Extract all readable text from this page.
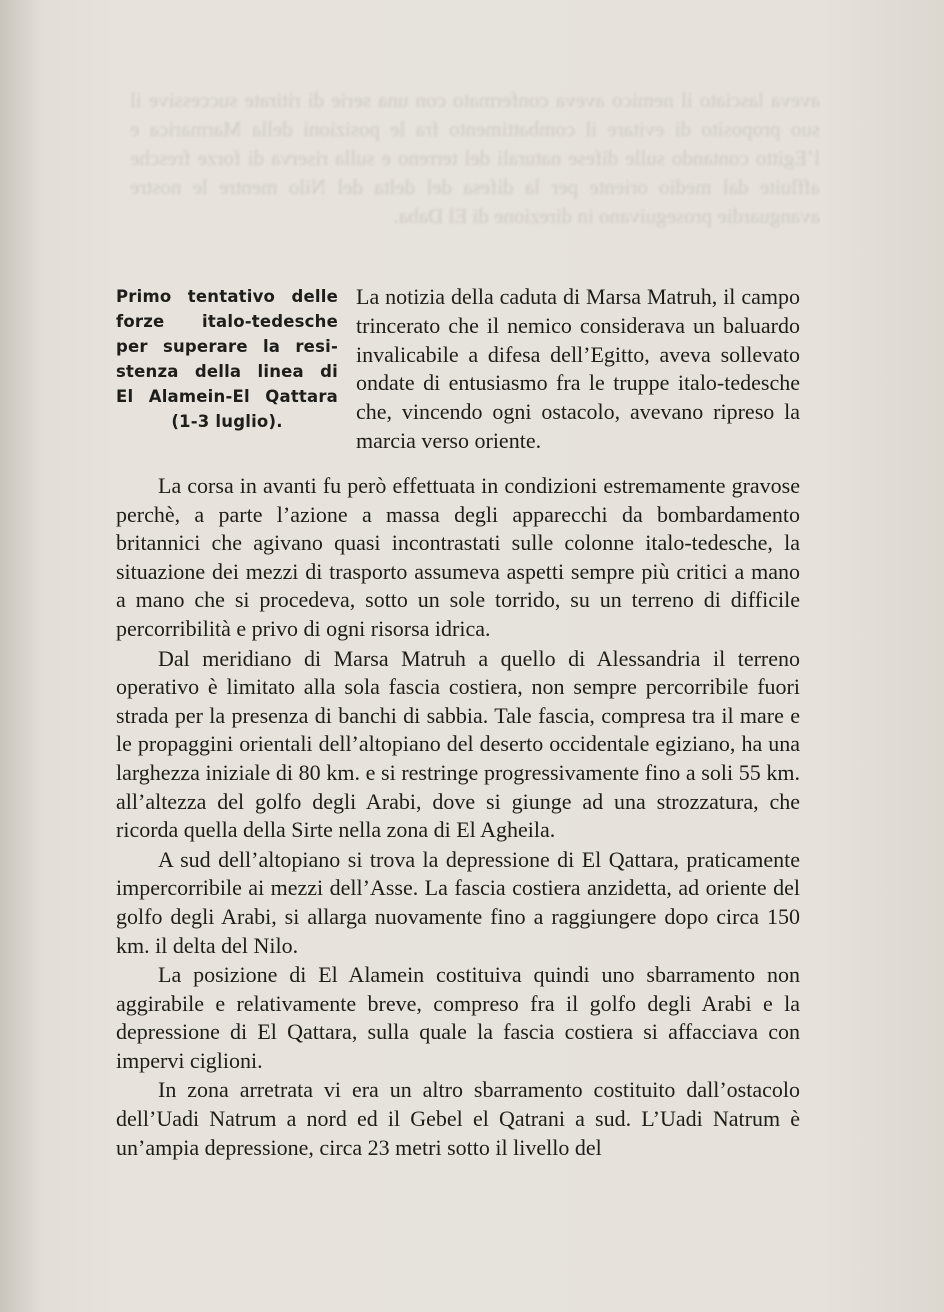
aveva lasciato il nemico aveva confermato con una serie di ritirate successive il suo proposito di evitare il combattimento fra le posizioni della Marmarica e l’Egitto contando sulle difese naturali del terreno e sulla riserva di forze fresche affluite dal medio oriente per la difesa del delta del Nilo mentre le nostre avanguardie proseguivano in direzione di El Daba.
Primo tentativo delle
forze italo-tedesche
per superare la resi-
stenza della linea di
El Alamein-El Qattara
(1-3 luglio).
La notizia della caduta di Marsa Matruh, il campo trincerato che il nemico considerava un baluardo invalicabile a difesa dell’Egitto, aveva sollevato ondate di entusiasmo fra le truppe italo-tedesche che, vincendo ogni ostacolo, avevano ripreso la marcia verso oriente.

La corsa in avanti fu però effettuata in condizioni estremamente gravose perchè, a parte l’azione a massa degli apparecchi da bombardamento britannici che agivano quasi incontrastati sulle colonne italo-tedesche, la situazione dei mezzi di trasporto assumeva aspetti sempre più critici a mano a mano che si procedeva, sotto un sole torrido, su un terreno di difficile percorribilità e privo di ogni risorsa idrica.

Dal meridiano di Marsa Matruh a quello di Alessandria il terreno operativo è limitato alla sola fascia costiera, non sempre percorribile fuori strada per la presenza di banchi di sabbia. Tale fascia, compresa tra il mare e le propaggini orientali dell’altopiano del deserto occidentale egiziano, ha una larghezza iniziale di 80 km. e si restringe progressivamente fino a soli 55 km. all’altezza del golfo degli Arabi, dove si giunge ad una strozzatura, che ricorda quella della Sirte nella zona di El Agheila.

A sud dell’altopiano si trova la depressione di El Qattara, praticamente impercorribile ai mezzi dell’Asse. La fascia costiera anzidetta, ad oriente del golfo degli Arabi, si allarga nuovamente fino a raggiungere dopo circa 150 km. il delta del Nilo.

La posizione di El Alamein costituiva quindi uno sbarramento non aggirabile e relativamente breve, compreso fra il golfo degli Arabi e la depressione di El Qattara, sulla quale la fascia costiera si affacciava con impervi ciglioni.

In zona arretrata vi era un altro sbarramento costituito dall’ostacolo dell’Uadi Natrum a nord ed il Gebel el Qatrani a sud. L’Uadi Natrum è un’ampia depressione, circa 23 metri sotto il livello del
